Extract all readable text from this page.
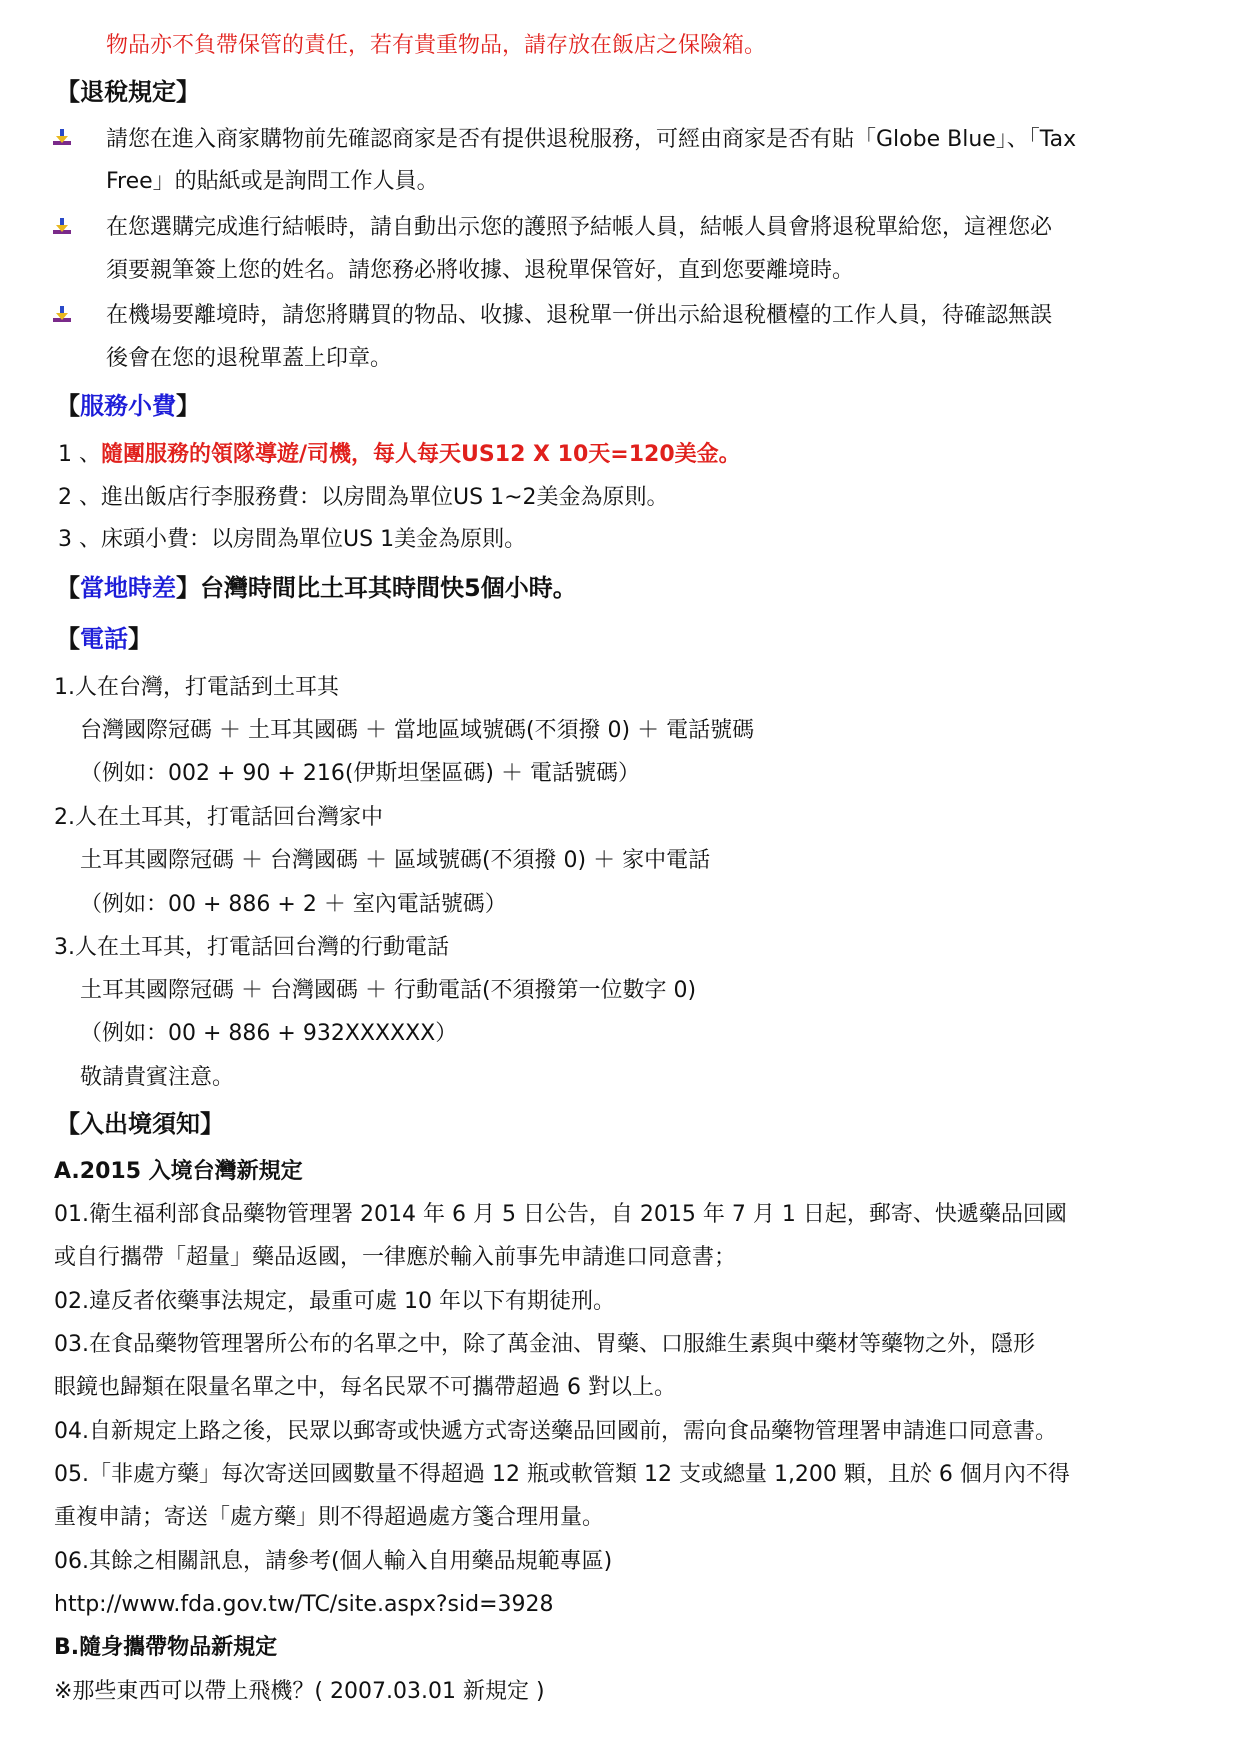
物品亦不負帶保管的責任，若有貴重物品，請存放在飯店之保險箱。
【退稅規定】
請您在進入商家購物前先確認商家是否有提供退稅服務，可經由商家是否有貼「Globe Blue」、「Tax
Free」的貼紙或是詢問工作人員。
在您選購完成進行結帳時，請自動出示您的護照予結帳人員，結帳人員會將退稅單給您，這裡您必
須要親筆簽上您的姓名。請您務必將收據、退稅單保管好，直到您要離境時。
在機場要離境時，請您將購買的物品、收據、退稅單一併出示給退稅櫃檯的工作人員，待確認無誤
後會在您的退稅單蓋上印章。
【服務小費】
1 、隨團服務的領隊導遊/司機，每人每天US12 X 10天=120美金。
2 、進出飯店行李服務費：以房間為單位US 1~2美金為原則。
3 、床頭小費：以房間為單位US 1美金為原則。
【當地時差】台灣時間比土耳其時間快5個小時。
【電話】
1.人在台灣，打電話到土耳其
台灣國際冠碼 ＋ 土耳其國碼 ＋ 當地區域號碼(不須撥 0) ＋ 電話號碼
（例如：002 + 90 + 216(伊斯坦堡區碼) ＋ 電話號碼）
2.人在土耳其，打電話回台灣家中
土耳其國際冠碼 ＋ 台灣國碼 ＋ 區域號碼(不須撥 0) ＋ 家中電話
（例如：00 + 886 + 2 ＋ 室內電話號碼）
3.人在土耳其，打電話回台灣的行動電話
土耳其國際冠碼 ＋ 台灣國碼 ＋ 行動電話(不須撥第一位數字 0)
（例如：00 + 886 + 932XXXXXX）
敬請貴賓注意。
【入出境須知】
A.2015 入境台灣新規定
01.衛生福利部食品藥物管理署 2014 年 6 月 5 日公告，自 2015 年 7 月 1 日起，郵寄、快遞藥品回國
或自行攜帶「超量」藥品返國，一律應於輸入前事先申請進口同意書；
02.違反者依藥事法規定，最重可處 10 年以下有期徒刑。
03.在食品藥物管理署所公布的名單之中，除了萬金油、胃藥、口服維生素與中藥材等藥物之外，隱形
眼鏡也歸類在限量名單之中，每名民眾不可攜帶超過 6 對以上。
04.自新規定上路之後，民眾以郵寄或快遞方式寄送藥品回國前，需向食品藥物管理署申請進口同意書。
05.「非處方藥」每次寄送回國數量不得超過 12 瓶或軟管類 12 支或總量 1,200 顆，且於 6 個月內不得
重複申請；寄送「處方藥」則不得超過處方箋合理用量。
06.其餘之相關訊息，請參考(個人輸入自用藥品規範專區)
http://www.fda.gov.tw/TC/site.aspx?sid=3928
B.隨身攜帶物品新規定
※那些東西可以帶上飛機？( 2007.03.01 新規定 )
